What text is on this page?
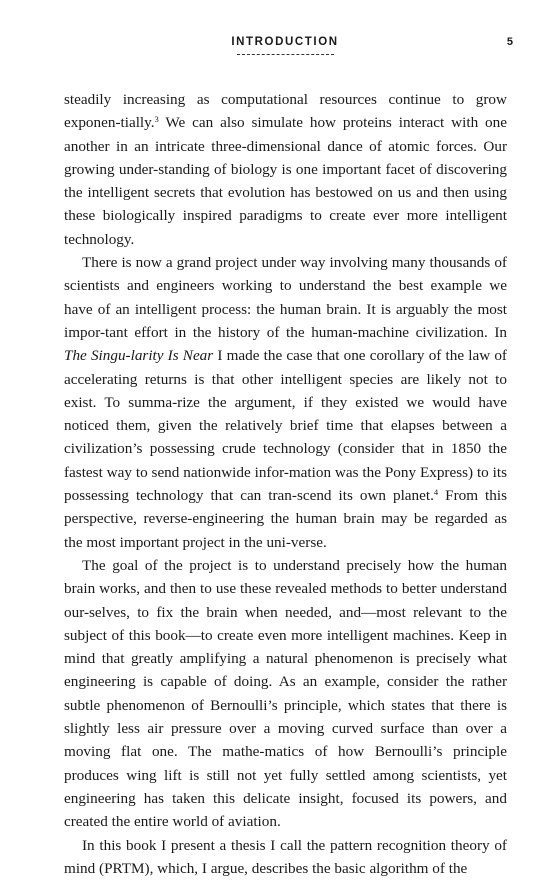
INTRODUCTION	5

steadily increasing as computational resources continue to grow exponen-tially.$^3$ We can also simulate how proteins interact with one another in an intricate three-dimensional dance of atomic forces. Our growing under-standing of biology is one important facet of discovering the intelligent secrets that evolution has bestowed on us and then using these biologically inspired paradigms to create ever more intelligent technology.

There is now a grand project under way involving many thousands of scientists and engineers working to understand the best example we have of an intelligent process: the human brain. It is arguably the most impor-tant effort in the history of the human-machine civilization. In The Singu-larity Is Near I made the case that one corollary of the law of accelerating returns is that other intelligent species are likely not to exist. To summa-rize the argument, if they existed we would have noticed them, given the relatively brief time that elapses between a civilization’s possessing crude technology (consider that in 1850 the fastest way to send nationwide infor-mation was the Pony Express) to its possessing technology that can tran-scend its own planet.$^4$ From this perspective, reverse-engineering the human brain may be regarded as the most important project in the uni-verse.

The goal of the project is to understand precisely how the human brain works, and then to use these revealed methods to better understand our-selves, to fix the brain when needed, and—most relevant to the subject of this book—to create even more intelligent machines. Keep in mind that greatly amplifying a natural phenomenon is precisely what engineering is capable of doing. As an example, consider the rather subtle phenomenon of Bernoulli’s principle, which states that there is slightly less air pressure over a moving curved surface than over a moving flat one. The mathe-matics of how Bernoulli’s principle produces wing lift is still not yet fully settled among scientists, yet engineering has taken this delicate insight, focused its powers, and created the entire world of aviation.

In this book I present a thesis I call the pattern recognition theory of mind (PRTM), which, I argue, describes the basic algorithm of the
